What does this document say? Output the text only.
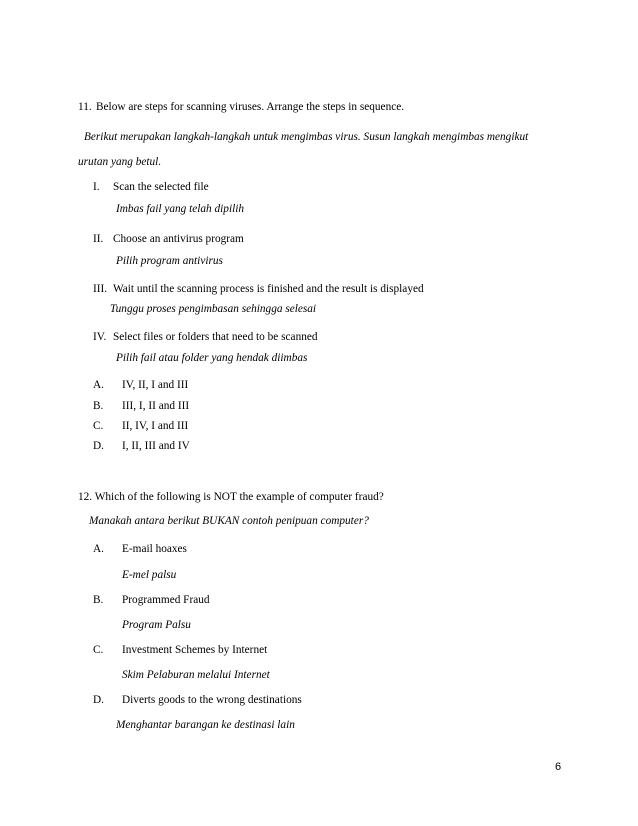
11. Below are steps for scanning viruses. Arrange the steps in sequence.
Berikut merupakan langkah-langkah untuk mengimbas virus. Susun langkah mengimbas mengikut
urutan yang betul.
I. Scan the selected file
Imbas fail yang telah dipilih
II. Choose an antivirus program
Pilih program antivirus
III. Wait until the scanning process is finished and the result is displayed
Tunggu proses pengimbasan sehingga selesai
IV. Select files or folders that need to be scanned
Pilih fail atau folder yang hendak diimbas
A. IV, II, I and III
B. III, I, II and III
C. II, IV, I and III
D. I, II, III and IV
12. Which of the following is NOT the example of computer fraud?
Manakah antara berikut BUKAN contoh penipuan computer?
A. E-mail hoaxes
E-mel palsu
B. Programmed Fraud
Program Palsu
C. Investment Schemes by Internet
Skim Pelaburan melalui Internet
D. Diverts goods to the wrong destinations
Menghantar barangan ke destinasi lain
6
